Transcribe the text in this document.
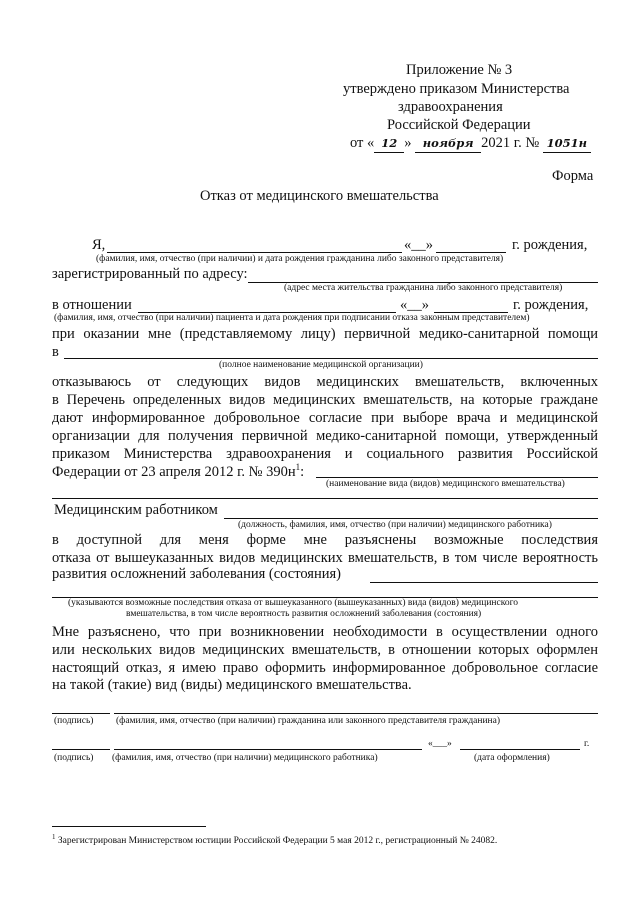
Приложение № 3
утверждено приказом Министерства
здравоохранения
Российской Федерации
от « 12 » ноября 2021 г. № 1051н
Форма
Отказ от медицинского вмешательства
Я,	«__»	г. рождения,
(фамилия, имя, отчество (при наличии) и дата рождения гражданина либо законного представителя)
зарегистрированный по адресу:
(адрес места жительства гражданина либо законного представителя)
в отношении	«__»	г. рождения,
(фамилия, имя, отчество (при наличии) пациента и дата рождения при подписании отказа законным представителем)
при оказании мне (представляемому лицу) первичной медико-санитарной помощи
в
(полное наименование медицинской организации)
отказываюсь от следующих видов медицинских вмешательств, включенных
в Перечень определенных видов медицинских вмешательств, на которые граждане
дают информированное добровольное согласие при выборе врача и медицинской
организации для получения первичной медико-санитарной помощи, утвержденный
приказом Министерства здравоохранения и социального развития Российской
Федерации от 23 апреля 2012 г. № $390н^1$:
(наименование вида (видов) медицинского вмешательства)
Медицинским работником
(должность, фамилия, имя, отчество (при наличии) медицинского работника)
в доступной для меня форме мне разъяснены возможные последствия
отказа от вышеуказанных видов медицинских вмешательств, в том числе вероятность
развития осложнений заболевания (состояния)
(указываются возможные последствия отказа от вышеуказанного (вышеуказанных) вида (видов) медицинского
вмешательства, в том числе вероятность развития осложнений заболевания (состояния)
Мне разъяснено, что при возникновении необходимости в осуществлении одного
или нескольких видов медицинских вмешательств, в отношении которых оформлен
настоящий отказ, я имею право оформить информированное добровольное согласие
на такой (такие) вид (виды) медицинского вмешательства.
(подпись) (фамилия, имя, отчество (при наличии) гражданина или законного представителя гражданина)
«___»	г.
(подпись) (фамилия, имя, отчество (при наличии) медицинского работника)	(дата оформления)
$^1$ Зарегистрирован Министерством юстиции Российской Федерации 5 мая 2012 г., регистрационный № 24082.
